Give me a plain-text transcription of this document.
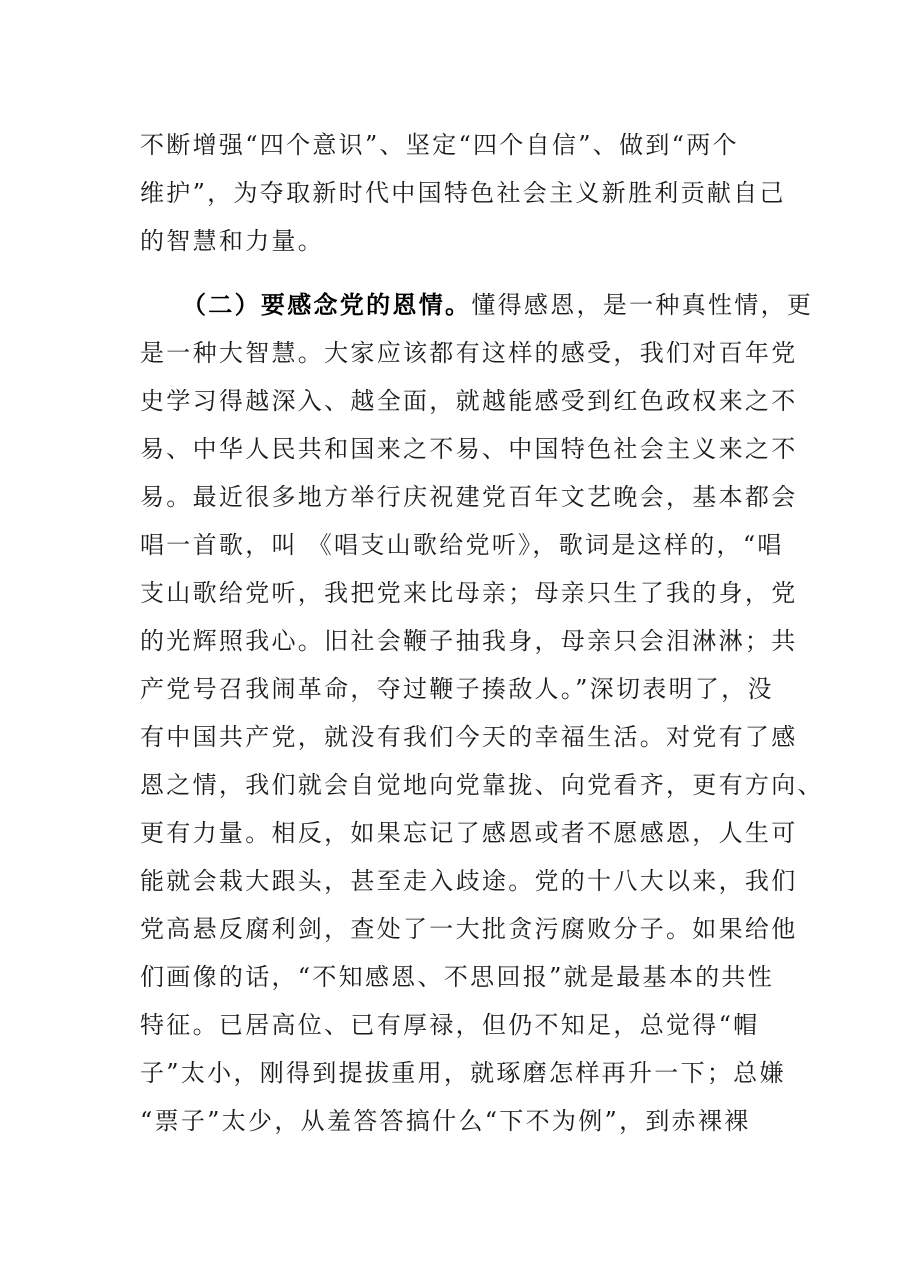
不断增强“四个意识”、坚定“四个自信”、做到“两个
维护”，为夺取新时代中国特色社会主义新胜利贡献自己
的智慧和力量。
（二）要感念党的恩情。懂得感恩，是一种真性情，更
是一种大智慧。大家应该都有这样的感受，我们对百年党
史学习得越深入、越全面，就越能感受到红色政权来之不
易、中华人民共和国来之不易、中国特色社会主义来之不
易。最近很多地方举行庆祝建党百年文艺晚会，基本都会
唱一首歌，叫 《唱支山歌给党听》，歌词是这样的，“唱
支山歌给党听，我把党来比母亲；母亲只生了我的身，党
的光辉照我心。旧社会鞭子抽我身，母亲只会泪淋淋；共
产党号召我闹革命，夺过鞭子揍敌人。”深切表明了，没
有中国共产党，就没有我们今天的幸福生活。对党有了感
恩之情，我们就会自觉地向党靠拢、向党看齐，更有方向、
更有力量。相反，如果忘记了感恩或者不愿感恩，人生可
能就会栽大跟头，甚至走入歧途。党的十八大以来，我们
党高悬反腐利剑，查处了一大批贪污腐败分子。如果给他
们画像的话，“不知感恩、不思回报”就是最基本的共性
特征。已居高位、已有厚禄，但仍不知足，总觉得“帽
子”太小，刚得到提拔重用，就琢磨怎样再升一下；总嫌
“票子”太少，从羞答答搞什么“下不为例”，到赤裸裸
